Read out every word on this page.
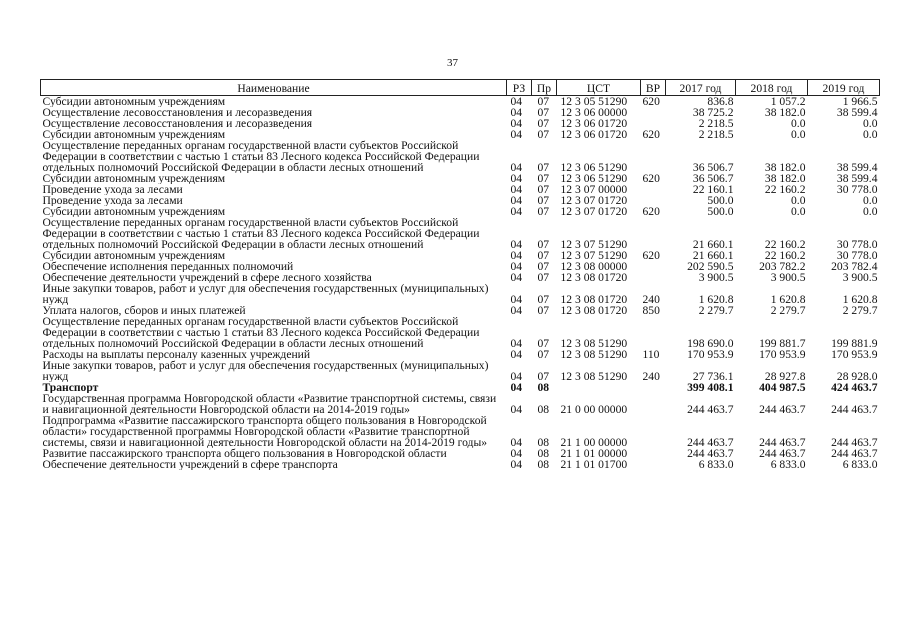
37
Наименование	РЗ	Пр	ЦСТ	ВР	2017 год	2018 год	2019 год
Субсидии автономным учреждениям	04	07	12 3 05 51290	620	836.8	1 057.2	1 966.5
Осуществление лесовосстановления и лесоразведения	04	07	12 3 06 00000		38 725.2	38 182.0	38 599.4
Осуществление лесовосстановления и лесоразведения	04	07	12 3 06 01720		2 218.5	0.0	0.0
Субсидии автономным учреждениям	04	07	12 3 06 01720	620	2 218.5	0.0	0.0
Осуществление переданных органам государственной власти субъектов Российской Федерации в соответствии с частью 1 статьи 83 Лесного кодекса Российской Федерации отдельных полномочий Российской Федерации в области лесных отношений	04	07	12 3 06 51290		36 506.7	38 182.0	38 599.4
Субсидии автономным учреждениям	04	07	12 3 06 51290	620	36 506.7	38 182.0	38 599.4
Проведение ухода за лесами	04	07	12 3 07 00000		22 160.1	22 160.2	30 778.0
Проведение ухода за лесами	04	07	12 3 07 01720		500.0	0.0	0.0
Субсидии автономным учреждениям	04	07	12 3 07 01720	620	500.0	0.0	0.0
Осуществление переданных органам государственной власти субъектов Российской Федерации в соответствии с частью 1 статьи 83 Лесного кодекса Российской Федерации отдельных полномочий Российской Федерации в области лесных отношений	04	07	12 3 07 51290		21 660.1	22 160.2	30 778.0
Субсидии автономным учреждениям	04	07	12 3 07 51290	620	21 660.1	22 160.2	30 778.0
Обеспечение исполнения переданных полномочий	04	07	12 3 08 00000		202 590.5	203 782.2	203 782.4
Обеспечение деятельности учреждений в сфере лесного хозяйства	04	07	12 3 08 01720		3 900.5	3 900.5	3 900.5
Иные закупки товаров, работ и услуг для обеспечения государственных (муниципальных) нужд	04	07	12 3 08 01720	240	1 620.8	1 620.8	1 620.8
Уплата налогов, сборов и иных платежей	04	07	12 3 08 01720	850	2 279.7	2 279.7	2 279.7
Осуществление переданных органам государственной власти субъектов Российской Федерации в соответствии с частью 1 статьи 83 Лесного кодекса Российской Федерации отдельных полномочий Российской Федерации в области лесных отношений	04	07	12 3 08 51290		198 690.0	199 881.7	199 881.9
Расходы на выплаты персоналу казенных учреждений	04	07	12 3 08 51290	110	170 953.9	170 953.9	170 953.9
Иные закупки товаров, работ и услуг для обеспечения государственных (муниципальных) нужд	04	07	12 3 08 51290	240	27 736.1	28 927.8	28 928.0
Транспорт	04	08			399 408.1	404 987.5	424 463.7
Государственная программа Новгородской области «Развитие транспортной системы, связи и навигационной деятельности Новгородской области на 2014-2019 годы»	04	08	21 0 00 00000		244 463.7	244 463.7	244 463.7
Подпрограмма «Развитие пассажирского транспорта общего пользования в Новгородской области» государственной программы Новгородской области «Развитие транспортной системы, связи и навигационной деятельности Новгородской области на 2014-2019 годы»	04	08	21 1 00 00000		244 463.7	244 463.7	244 463.7
Развитие пассажирского транспорта общего пользования в Новгородской области	04	08	21 1 01 00000		244 463.7	244 463.7	244 463.7
Обеспечение деятельности учреждений в сфере транспорта	04	08	21 1 01 01700		6 833.0	6 833.0	6 833.0
